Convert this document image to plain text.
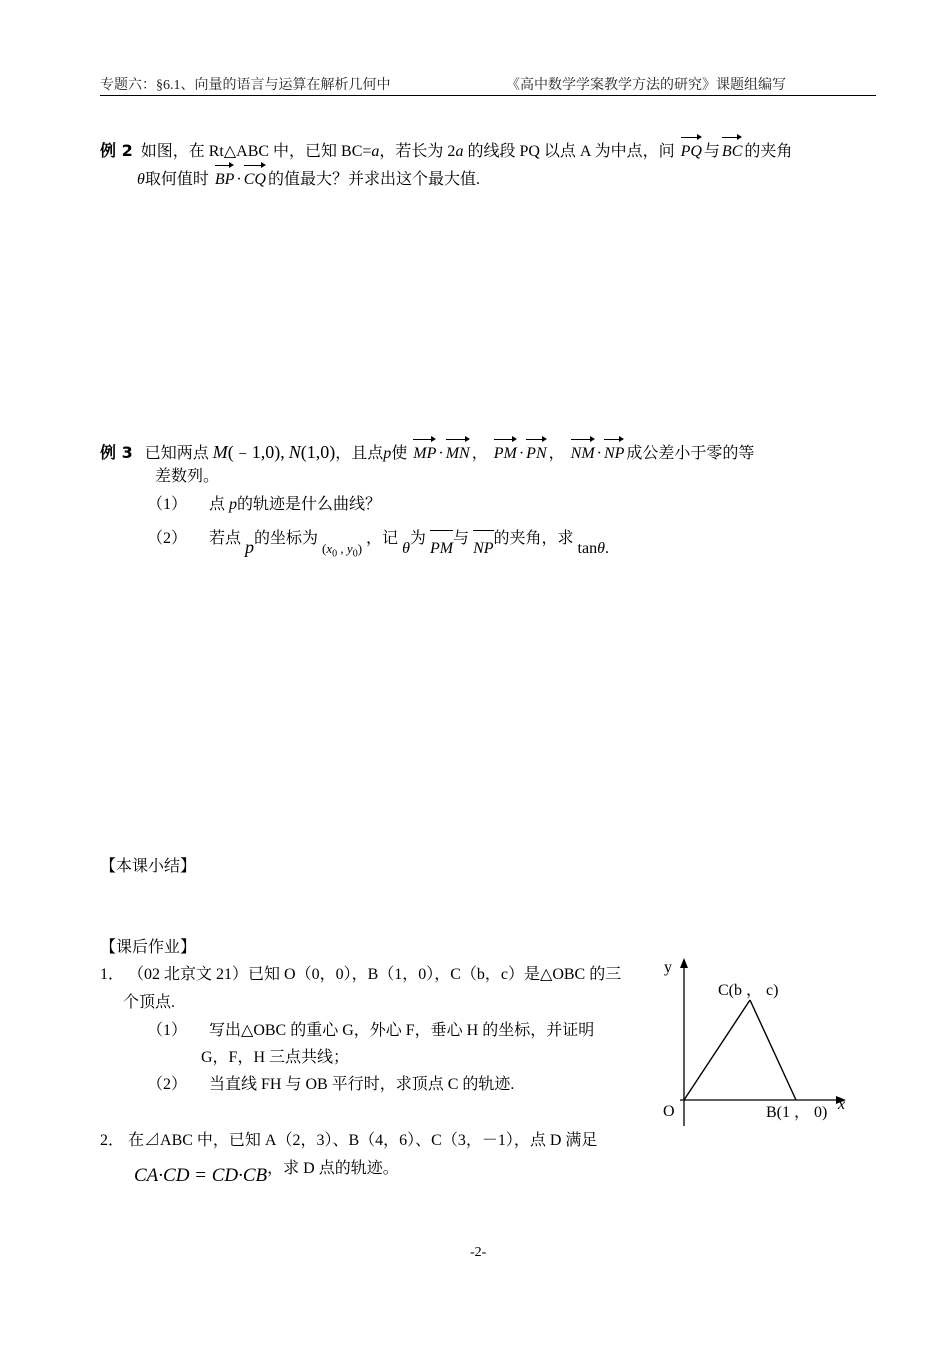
专题六：§6.1、向量的语言与运算在解析几何中	《高中数学学案教学方法的研究》课题组编写
例 2 如图，在 Rt△ABC 中，已知 BC=a，若长为 2a 的线段 PQ 以点 A 为中点，问 PQ 与 BC 的夹角
θ取何值时 BP · CQ 的值最大？并求出这个最大值.
例 3 已知两点 M(﹣1,0), N(1,0)，且点p使 MP · MN ， PM · PN ， NM · NP 成公差小于零的等
差数列。
（1） 点 p的轨迹是什么曲线？
（2） 若点 p的坐标为 $_{(x_0 , y_0)}$ ，记 θ为 PM与 NP的夹角，求 tanθ.
【本课小结】
【课后作业】
1． （02 北京文 21）已知 O（0，0），B（1，0），C（b，c）是△OBC 的三
个顶点.
（1） 写出△OBC 的重心 G，外心 F，垂心 H 的坐标，并证明
G，F，H 三点共线；
（2） 当直线 FH 与 OB 平行时，求顶点 C 的轨迹.
2． 在⊿ABC 中，已知 A（2，3）、B（4，6）、C（3，－1），点 D 满足
$CA\cdot CD = CD\cdot CB^{,求 D 点的轨迹。}$
y
x
O
C(b ， c)
B(1 ， 0)
-2-
